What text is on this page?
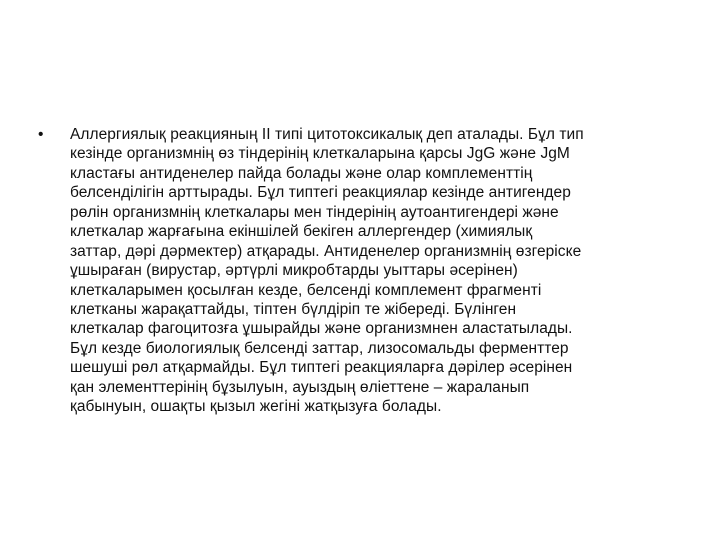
•	Аллергиялық реакцияның II типі цитотоксикалық деп аталады. Бұл тип
кезінде организмнің өз тіндерінің клеткаларына қарсы JgG және JgM
кластағы антиденелер пайда болады және олар комплементтің
белсенділігін арттырады. Бұл типтегі реакциялар кезінде антигендер
рөлін организмнің клеткалары мен тіндерінің аутоантигендері және
клеткалар жарғағына екіншілей бекіген аллергендер (химиялық
заттар, дәрі дәрмектер) атқарады. Антиденелер организмнің өзгеріске
ұшыраған (вирустар, әртүрлі микробтарды уыттары әсерінен)
клеткаларымен қосылған кезде, белсенді комплемент фрагменті
клетканы жарақаттайды, тіптен бүлдіріп те жібереді. Бүлінген
клеткалар фагоцитозға ұшырайды және организмнен аластатылады.
Бұл кезде биологиялық белсенді заттар, лизосомальды ферменттер
шешуші рөл атқармайды. Бұл типтегі реакцияларға дәрілер әсерінен
қан элементтерінің бұзылуын, ауыздың өліеттене – жараланып
қабынуын, ошақты қызыл жегіні жатқызуға болады.
